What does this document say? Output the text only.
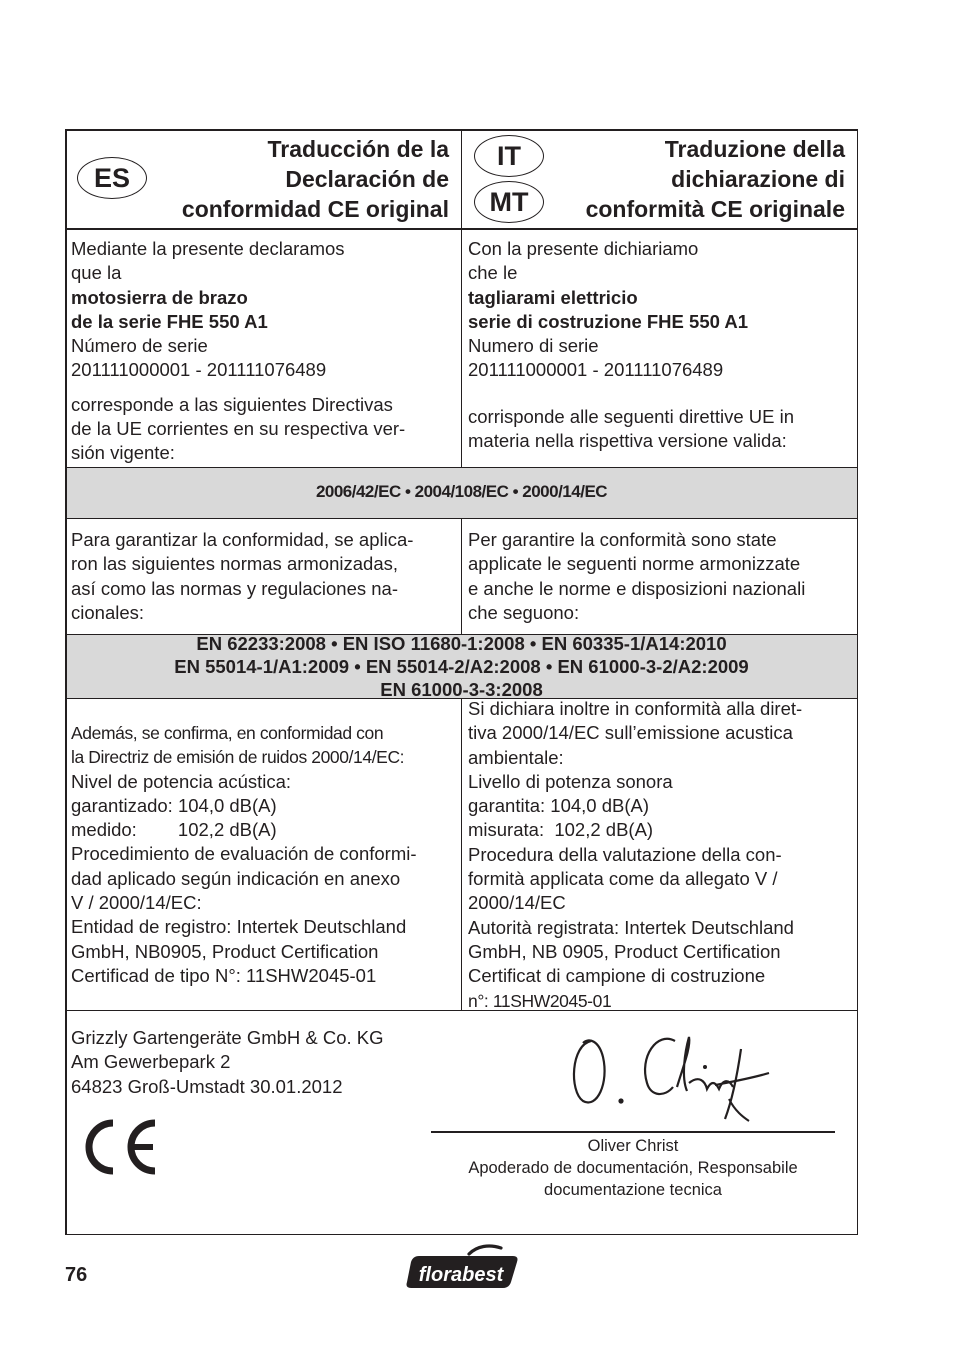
ES
Traducción de la
Declaración de
conformidad CE original
IT
MT
Traduzione della
dichiarazione di
conformità CE originale
Mediante la presente declaramos
que la
motosierra de brazo
de la serie FHE 550 A1
Número de serie
201111000001 - 201111076489
corresponde a las siguientes Directivas
de la UE corrientes en su respectiva ver-
sión vigente:
Con la presente dichiariamo
che le
tagliarami elettricio
serie di costruzione FHE 550 A1
Numero di serie
201111000001 - 201111076489
corrisponde alle seguenti direttive UE in
materia nella rispettiva versione valida:
2006/42/EC • 2004/108/EC • 2000/14/EC
Para garantizar la conformidad, se aplica-
ron las siguientes normas armonizadas,
así como las normas y regulaciones na-
cionales:
Per garantire la conformità sono state
applicate le seguenti norme armonizzate
e anche le norme e disposizioni nazionali
che seguono:
EN 62233:2008 • EN ISO 11680-1:2008 • EN 60335-1/A14:2010
EN 55014-1/A1:2009 • EN 55014-2/A2:2008 • EN 61000-3-2/A2:2009
EN 61000-3-3:2008
Además, se confirma, en conformidad con
la Directriz de emisión de ruidos 2000/14/EC:
Nivel de potencia acústica:
garantizado: 104,0 dB(A)
medido:        102,2 dB(A)
Procedimiento de evaluación de conformi-
dad aplicado según indicación en anexo
V / 2000/14/EC:
Entidad de registro: Intertek Deutschland
GmbH, NB0905, Product Certification
Certificad de tipo N°: 11SHW2045-01
Si dichiara inoltre in conformità alla diret-
tiva 2000/14/EC sull’emissione acustica
ambientale:
Livello di potenza sonora
garantita: 104,0 dB(A)
misurata:  102,2 dB(A)
Procedura della valutazione della con-
formità applicata come da allegato V /
2000/14/EC
Autorità registrata: Intertek Deutschland
GmbH, NB 0905, Product Certification
Certificat di campione di costruzione
n°: 11SHW2045-01
Grizzly Gartengeräte GmbH & Co. KG
Am Gewerbepark 2
64823 Groß-Umstadt 30.01.2012
Oliver Christ
Apoderado de documentación, Responsabile
documentazione tecnica
76	florabest
